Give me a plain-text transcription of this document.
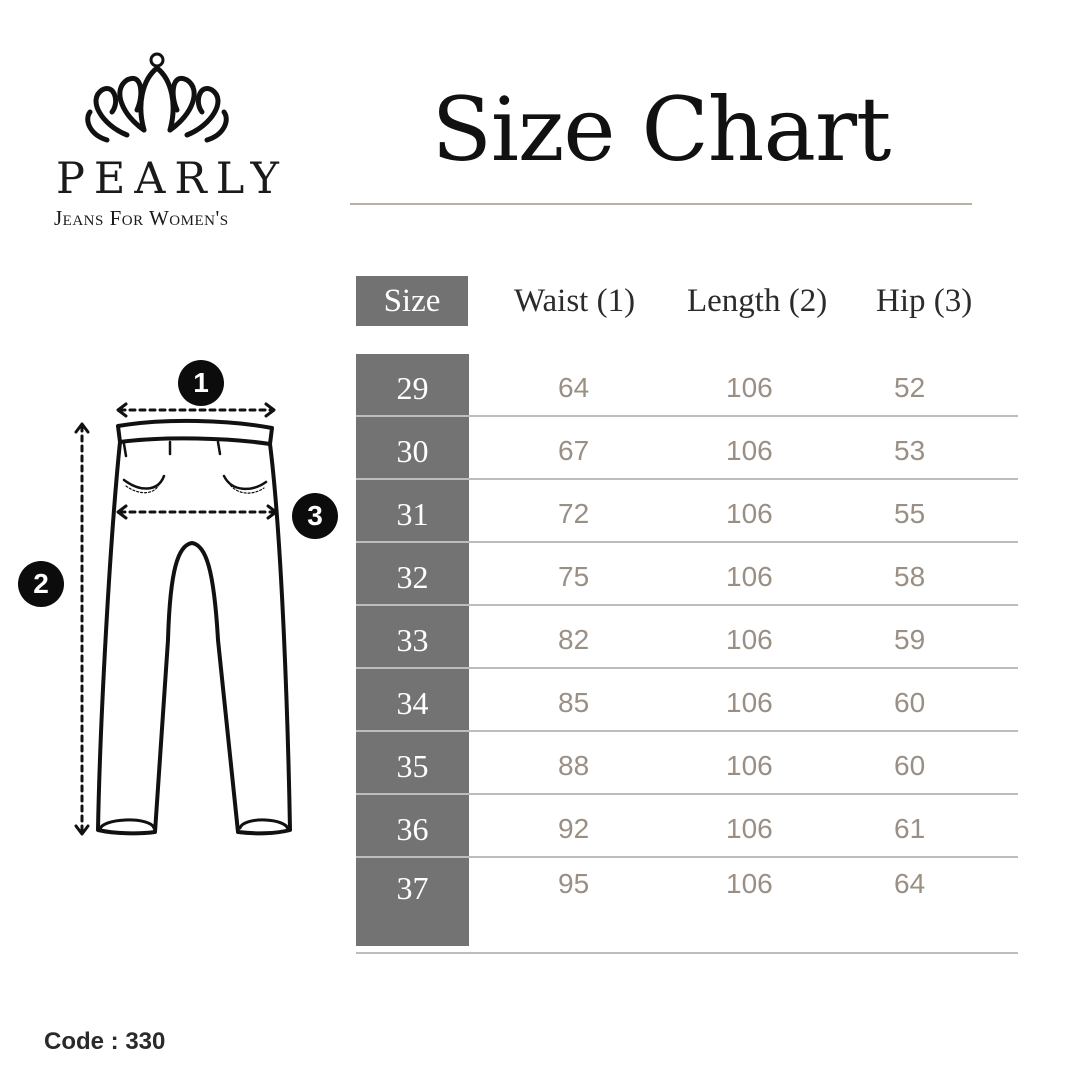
PEARLY
Jeans For Women's
Size Chart
1
2
3
Size	Waist (1) Length (2) Hip (3)
29	64	106	52
30	67	106	53
31	72	106	55
32	75	106	58
33	82	106	59
34	85	106	60
35	88	106	60
36	92	106	61
37	95	106	64
Code : 330
